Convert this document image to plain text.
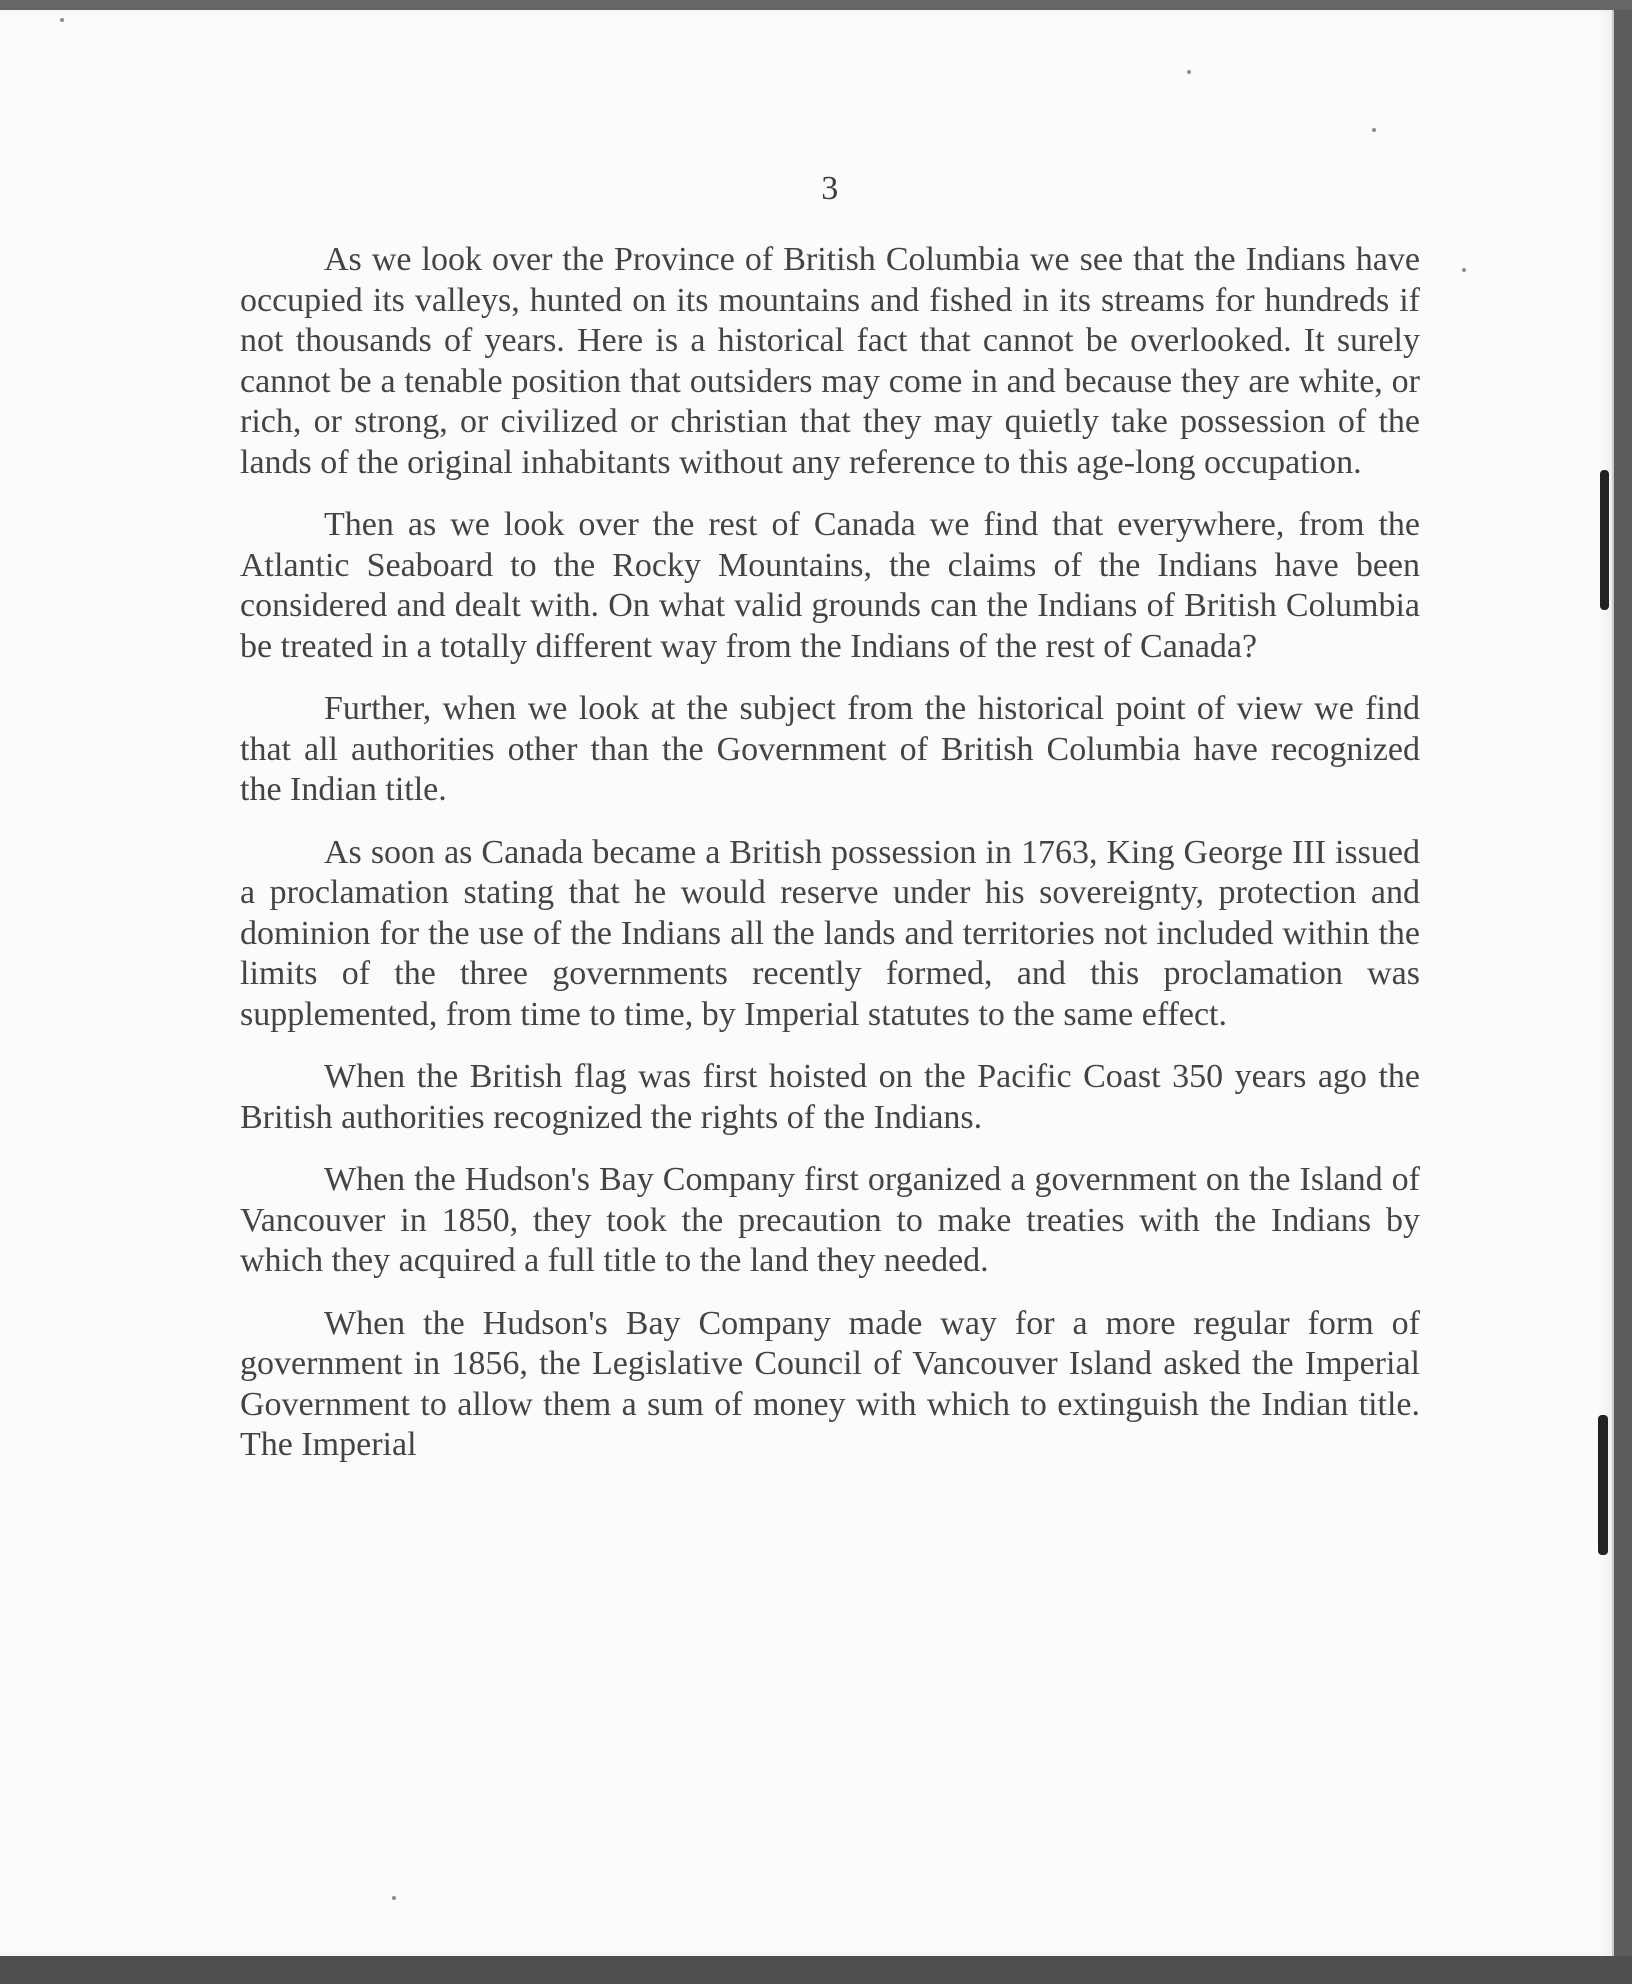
3

As we look over the Province of British Columbia we see that the Indians have occupied its valleys, hunted on its mountains and fished in its streams for hundreds if not thousands of years. Here is a historical fact that cannot be overlooked. It surely cannot be a tenable position that outsiders may come in and because they are white, or rich, or strong, or civilized or christian that they may quietly take possession of the lands of the original inhabitants without any reference to this age-long occupation.

Then as we look over the rest of Canada we find that everywhere, from the Atlantic Seaboard to the Rocky Mountains, the claims of the Indians have been considered and dealt with. On what valid grounds can the Indians of British Columbia be treated in a totally different way from the Indians of the rest of Canada?

Further, when we look at the subject from the historical point of view we find that all authorities other than the Government of British Columbia have recognized the Indian title.

As soon as Canada became a British possession in 1763, King George III issued a proclamation stating that he would reserve under his sovereignty, protection and dominion for the use of the Indians all the lands and territories not included within the limits of the three governments recently formed, and this proclamation was supplemented, from time to time, by Imperial statutes to the same effect.

When the British flag was first hoisted on the Pacific Coast 350 years ago the British authorities recognized the rights of the Indians.

When the Hudson's Bay Company first organized a government on the Island of Vancouver in 1850, they took the precaution to make treaties with the Indians by which they acquired a full title to the land they needed.

When the Hudson's Bay Company made way for a more regular form of government in 1856, the Legislative Council of Vancouver Island asked the Imperial Government to allow them a sum of money with which to extinguish the Indian title. The Imperial
